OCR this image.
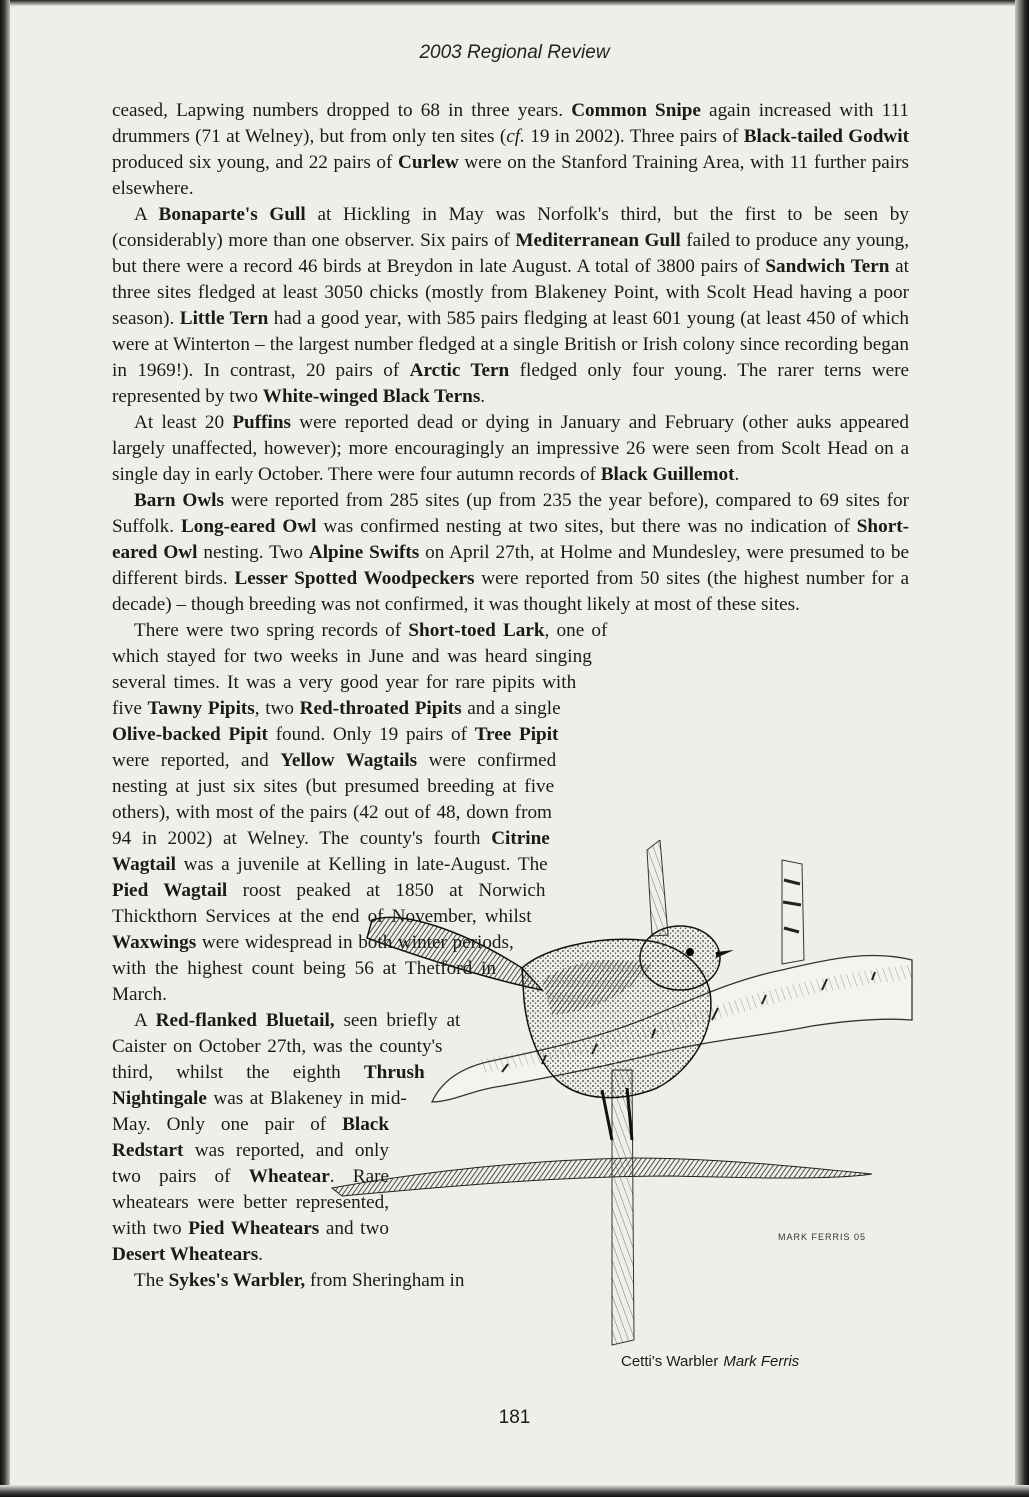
2003 Regional Review
MARK FERRIS 05

ceased, Lapwing numbers dropped to 68 in three years. Common Snipe again increased with 111 drummers (71 at Welney), but from only ten sites (cf. 19 in 2002). Three pairs of Black-tailed Godwit produced six young, and 22 pairs of Curlew were on the Stanford Training Area, with 11 further pairs elsewhere.

A Bonaparte's Gull at Hickling in May was Norfolk's third, but the first to be seen by (considerably) more than one observer. Six pairs of Mediterranean Gull failed to produce any young, but there were a record 46 birds at Breydon in late August. A total of 3800 pairs of Sandwich Tern at three sites fledged at least 3050 chicks (mostly from Blakeney Point, with Scolt Head having a poor season). Little Tern had a good year, with 585 pairs fledging at least 601 young (at least 450 of which were at Winterton – the largest number fledged at a single British or Irish colony since recording began in 1969!). In contrast, 20 pairs of Arctic Tern fledged only four young. The rarer terns were represented by two White-winged Black Terns.

At least 20 Puffins were reported dead or dying in January and February (other auks appeared largely unaffected, however); more encouragingly an impressive 26 were seen from Scolt Head on a single day in early October. There were four autumn records of Black Guillemot.

Barn Owls were reported from 285 sites (up from 235 the year before), compared to 69 sites for Suffolk. Long-eared Owl was confirmed nesting at two sites, but there was no indication of Short-eared Owl nesting. Two Alpine Swifts on April 27th, at Holme and Mundesley, were presumed to be different birds. Lesser Spotted Woodpeckers were reported from 50 sites (the highest number for a decade) – though breeding was not confirmed, it was thought likely at most of these sites.

There were two spring records of Short-toed Lark, one of which stayed for two weeks in June and was heard singing several times. It was a very good year for rare pipits with five Tawny Pipits, two Red-throated Pipits and a single Olive-backed Pipit found. Only 19 pairs of Tree Pipit were reported, and Yellow Wagtails were confirmed nesting at just six sites (but presumed breeding at five others), with most of the pairs (42 out of 48, down from 94 in 2002) at Welney. The county's fourth Citrine Wagtail was a juvenile at Kelling in late-August. The Pied Wagtail roost peaked at 1850 at Norwich Thickthorn Services at the end of November, whilst Waxwings were widespread in both winter periods, with the highest count being 56 at Thetford in March.

A Red-flanked Bluetail, seen briefly at Caister on October 27th, was the county's third, whilst the eighth Thrush Nightingale was at Blakeney in mid-May. Only one pair of Black Redstart was reported, and only two pairs of Wheatear. Rare wheatears were better represented, with two Pied Wheatears and two Desert Wheatears.

The Sykes's Warbler, from Sheringham in

Cetti's Warbler Mark Ferris
181
